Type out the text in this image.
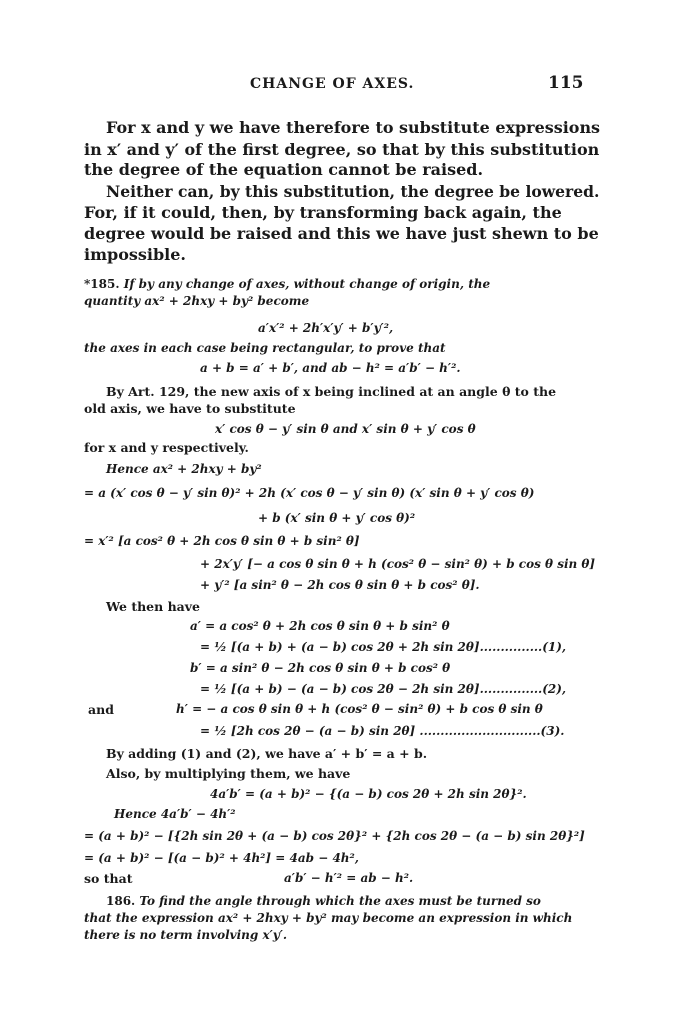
CHANGE OF AXES.	115

For x and y we have therefore to substitute expressions

in x′ and y′ of the first degree, so that by this substitution

the degree of the equation cannot be raised.

Neither can, by this substitution, the degree be lowered.

For, if it could, then, by transforming back again, the

degree would be raised and this we have just shewn to be

impossible.

*185. If by any change of axes, without change of origin, the

quantity ax² + 2hxy + by² become

a′x′² + 2h′x′y′ + b′y′²,

the axes in each case being rectangular, to prove that

a + b = a′ + b′, and ab − h² = a′b′ − h′².

By Art. 129, the new axis of x being inclined at an angle θ to the

old axis, we have to substitute

x′ cos θ − y′ sin θ and x′ sin θ + y′ cos θ

for x and y respectively.

Hence ax² + 2hxy + by²

= a (x′ cos θ − y′ sin θ)² + 2h (x′ cos θ − y′ sin θ) (x′ sin θ + y′ cos θ)

+ b (x′ sin θ + y′ cos θ)²

= x′² [a cos² θ + 2h cos θ sin θ + b sin² θ]

+ 2x′y′ [− a cos θ sin θ + h (cos² θ − sin² θ) + b cos θ sin θ]

+ y′² [a sin² θ − 2h cos θ sin θ + b cos² θ].

We then have

a′ = a cos² θ + 2h cos θ sin θ + b sin² θ

= ½ [(a + b) + (a − b) cos 2θ + 2h sin 2θ]...............(1),

b′ = a sin² θ − 2h cos θ sin θ + b cos² θ

= ½ [(a + b) − (a − b) cos 2θ − 2h sin 2θ]...............(2),

and	h′ = − a cos θ sin θ + h (cos² θ − sin² θ) + b cos θ sin θ

= ½ [2h cos 2θ − (a − b) sin 2θ] .............................(3).

By adding (1) and (2), we have a′ + b′ = a + b.

Also, by multiplying them, we have

4a′b′ = (a + b)² − {(a − b) cos 2θ + 2h sin 2θ}².

Hence 4a′b′ − 4h′²

= (a + b)² − [{2h sin 2θ + (a − b) cos 2θ}² + {2h cos 2θ − (a − b) sin 2θ}²]

= (a + b)² − [(a − b)² + 4h²] = 4ab − 4h²,

so that	a′b′ − h′² = ab − h².

186. To find the angle through which the axes must be turned so

that the expression ax² + 2hxy + by² may become an expression in which

there is no term involving x′y′.
